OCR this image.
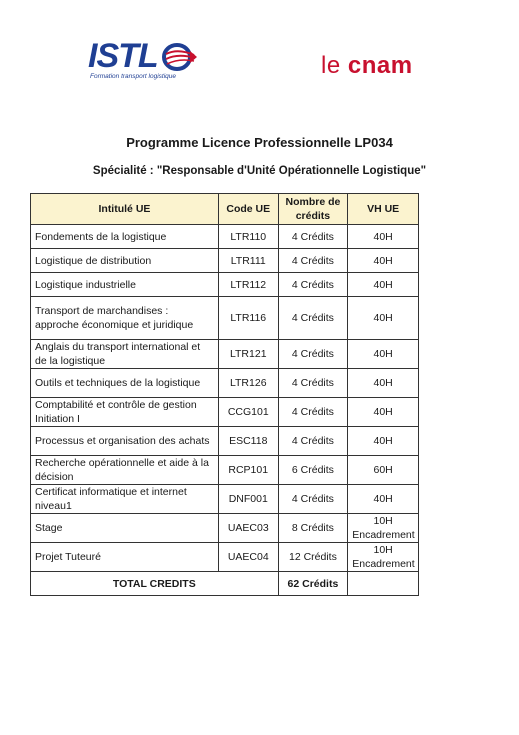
ISTL
Formation transport logistique	le cnam
Programme Licence Professionnelle LP034
Spécialité : "Responsable d'Unité Opérationnelle Logistique"
Intitulé UE	Code UE	Nombre de crédits	VH UE
Fondements de la logistique	LTR110	4 Crédits	40H
Logistique de distribution	LTR111	4 Crédits	40H
Logistique industrielle	LTR112	4 Crédits	40H
Transport de marchandises : approche économique et juridique	LTR116	4 Crédits	40H
Anglais du transport international et de la logistique	LTR121	4 Crédits	40H
Outils et techniques de la logistique	LTR126	4 Crédits	40H
Comptabilité et contrôle de gestion Initiation I	CCG101	4 Crédits	40H
Processus et organisation des achats	ESC118	4 Crédits	40H
Recherche opérationnelle et aide à la décision	RCP101	6 Crédits	60H
Certificat informatique et internet niveau1	DNF001	4 Crédits	40H
Stage	UAEC03	8 Crédits	10H Encadrement
Projet Tuteuré	UAEC04	12 Crédits	10H Encadrement
TOTAL CREDITS		62 Crédits	
